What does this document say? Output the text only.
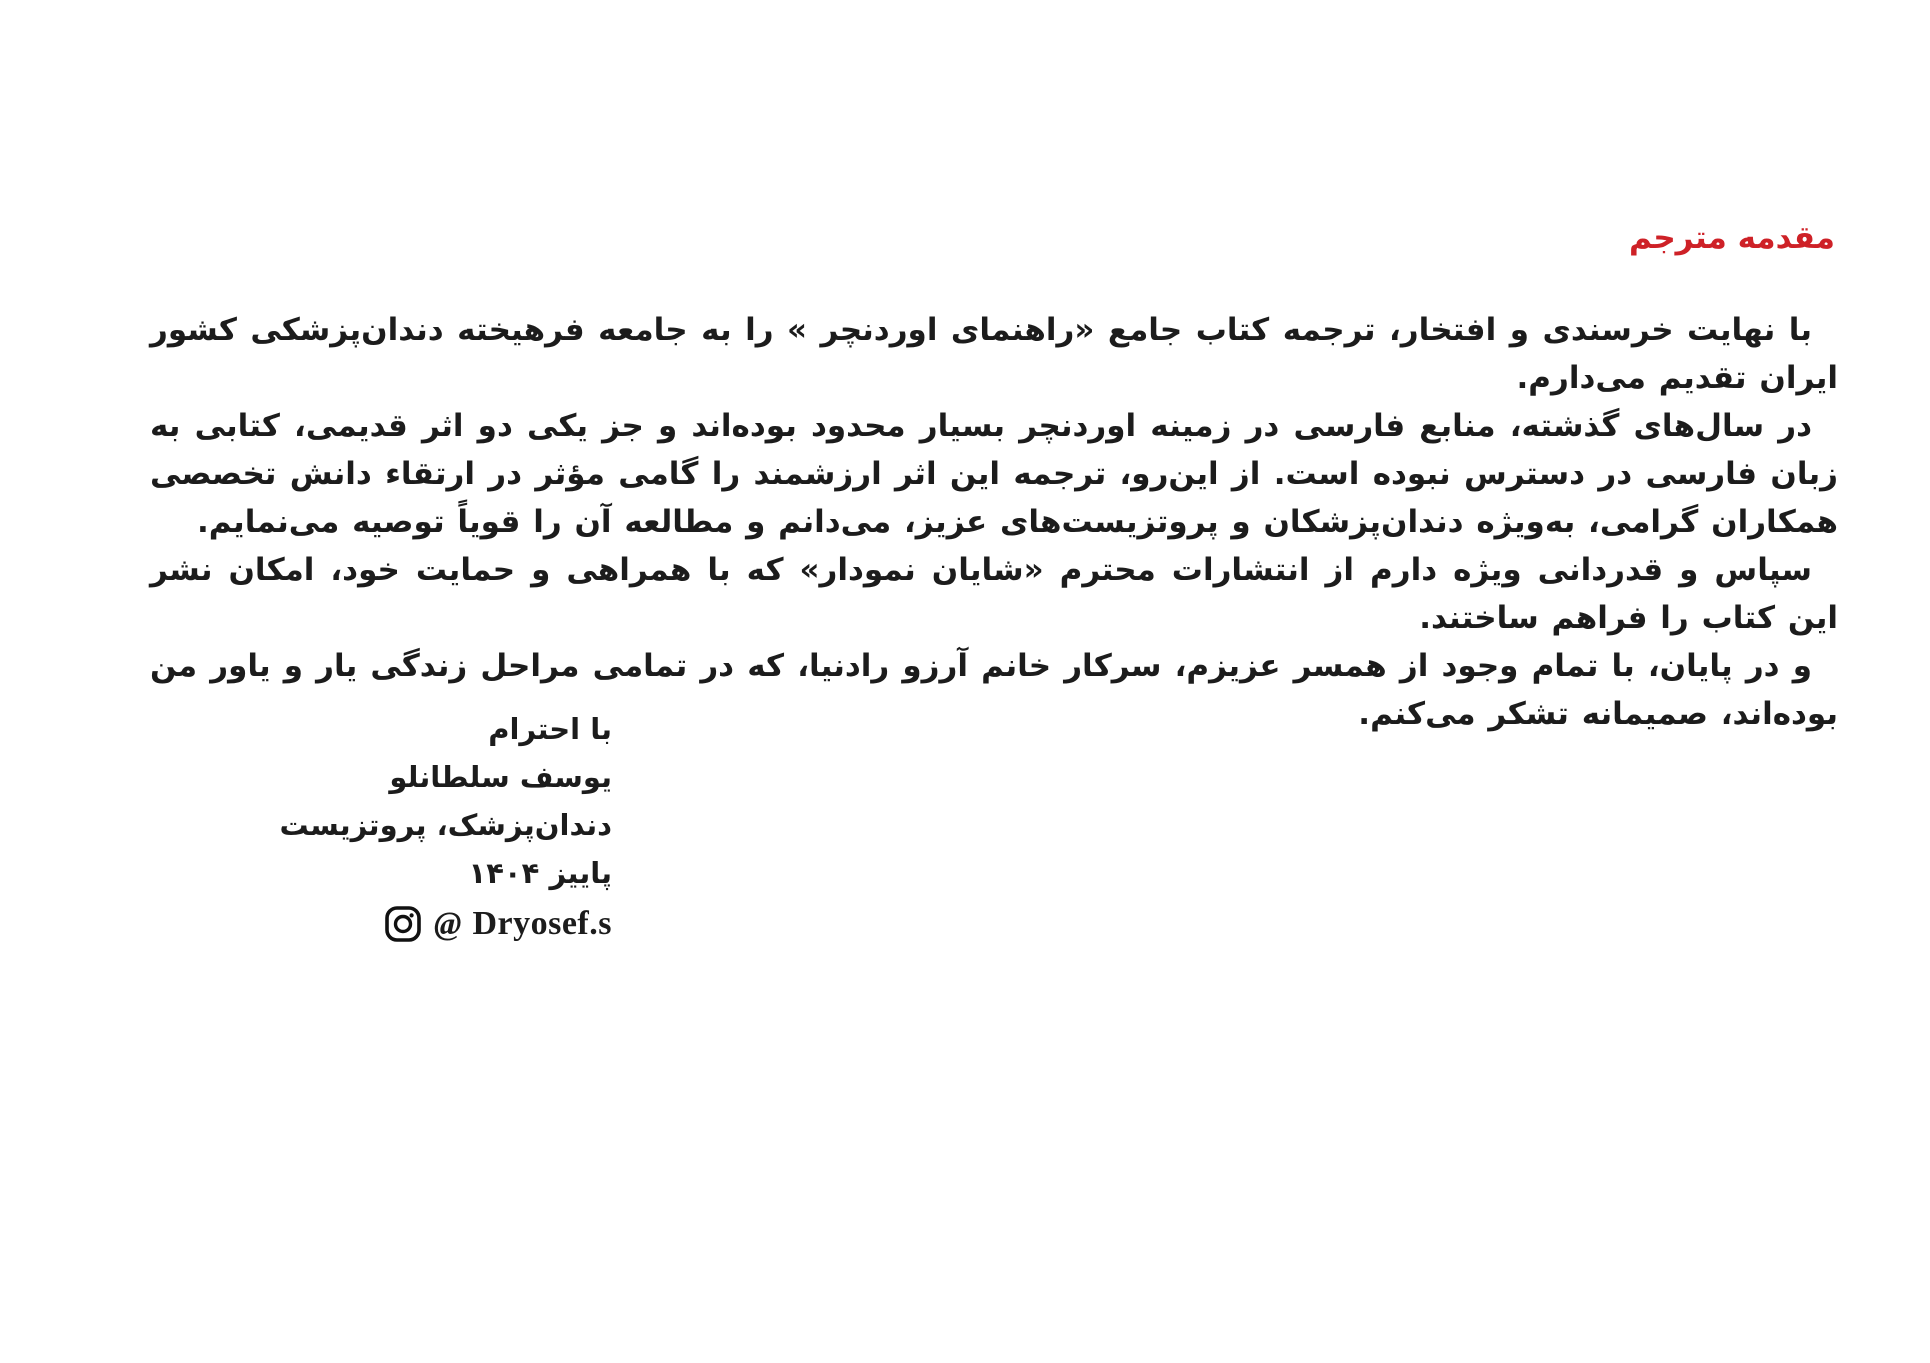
مقدمه مترجم

با نهایت خرسندی و افتخار، ترجمه کتاب جامع «راهنمای اوردنچر » را به جامعه فرهیخته دندان‌پزشکی کشور ایران تقدیم می‌دارم.

در سال‌های گذشته، منابع فارسی در زمینه اوردنچر بسیار محدود بوده‌اند و جز یکی دو اثر قدیمی، کتابی به زبان فارسی در دسترس نبوده است. از این‌رو، ترجمه این اثر ارزشمند را گامی مؤثر در ارتقاء دانش تخصصی همکاران گرامی، به‌ویژه دندان‌پزشکان و پروتزیست‌های عزیز، می‌دانم و مطالعه آن را قویاً توصیه می‌نمایم.

سپاس و قدردانی ویژه دارم از انتشارات محترم «شایان نمودار» که با همراهی و حمایت خود، امکان نشر این کتاب را فراهم ساختند.

و در پایان، با تمام وجود از همسر عزیزم، سرکار خانم آرزو رادنیا، که در تمامی مراحل زندگی یار و یاور من بوده‌اند، صمیمانه تشکر می‌کنم.

با احترام
یوسف سلطانلو
دندان‌پزشک، پروتزیست
پاییز ۱۴۰۴
@ Dryosef.s
